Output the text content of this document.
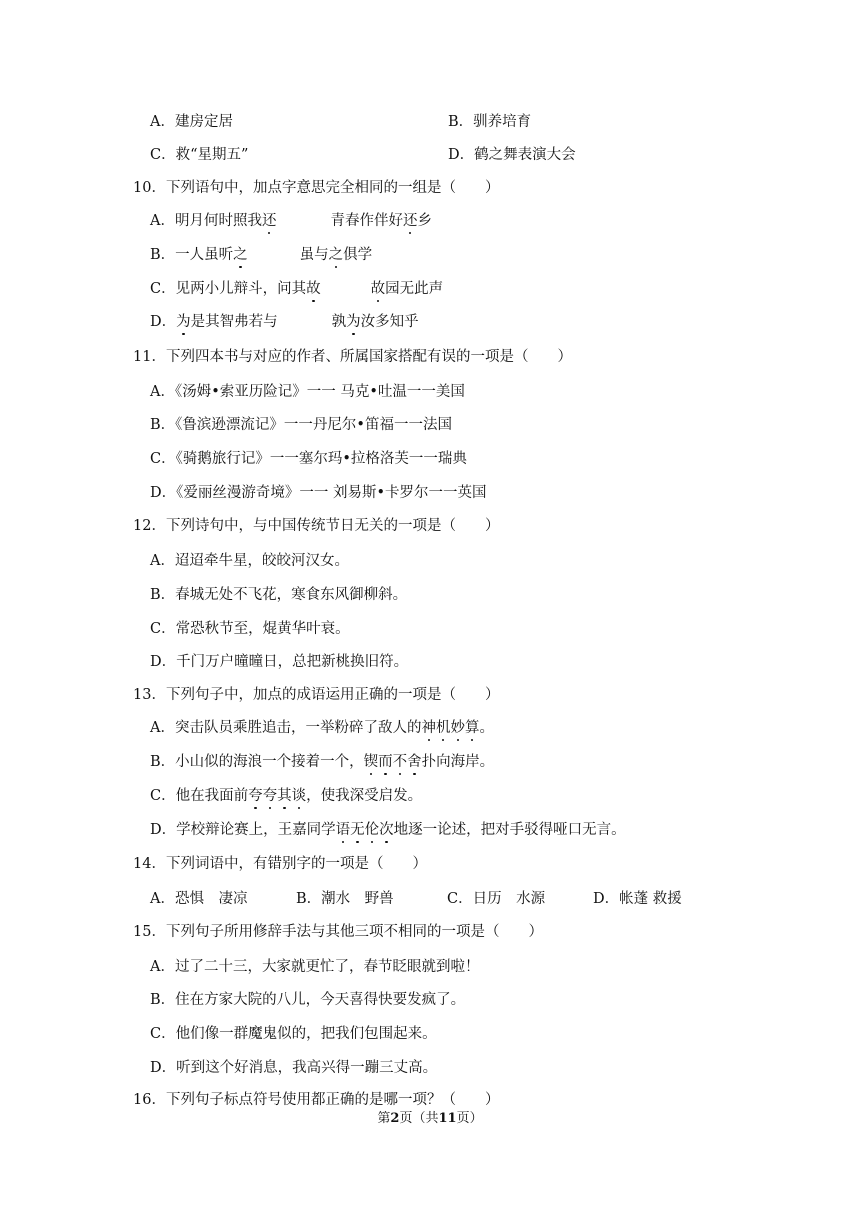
A．建房定居	B．驯养培育
C．救“星期五”	D．鹤之舞表演大会
10．下列语句中，加点字意思完全相同的一组是（　　）
A．明月何时照我还	青春作伴好还乡
B．一人虽听之	虽与之俱学
C．见两小儿辩斗，问其故	故园无此声
D．为是其智弗若与	孰为汝多知乎
11．下列四本书与对应的作者、所属国家搭配有误的一项是（　　）
A．《汤姆•索亚历险记》一一 马克•吐温一一美国
B．《鲁滨逊漂流记》一一丹尼尔•笛福一一法国
C．《骑鹅旅行记》一一塞尔玛•拉格洛芙一一瑞典
D．《爱丽丝漫游奇境》一一 刘易斯•卡罗尔一一英国
12．下列诗句中，与中国传统节日无关的一项是（　　）
A．迢迢牵牛星，皎皎河汉女。
B．春城无处不飞花，寒食东风御柳斜。
C．常恐秋节至，焜黄华叶衰。
D．千门万户曈曈日，总把新桃换旧符。
13．下列句子中，加点的成语运用正确的一项是（　　）
A．突击队员乘胜追击，一举粉碎了敌人的神机妙算。
B．小山似的海浪一个接着一个，锲而不舍扑向海岸。
C．他在我面前夸夸其谈，使我深受启发。
D．学校辩论赛上，王嘉同学语无伦次地逐一论述，把对手驳得哑口无言。
14．下列词语中，有错别字的一项是（　　）
A．恐惧　凄凉	B．潮水　野兽	C．日历　水源	D．帐蓬 救援
15．下列句子所用修辞手法与其他三项不相同的一项是（　　）
A．过了二十三，大家就更忙了，春节眨眼就到啦！
B．住在方家大院的八儿，今天喜得快要发疯了。
C．他们像一群魔鬼似的，把我们包围起来。
D．听到这个好消息，我高兴得一蹦三丈高。
16．下列句子标点符号使用都正确的是哪一项？（　　）
第2页（共11页）
